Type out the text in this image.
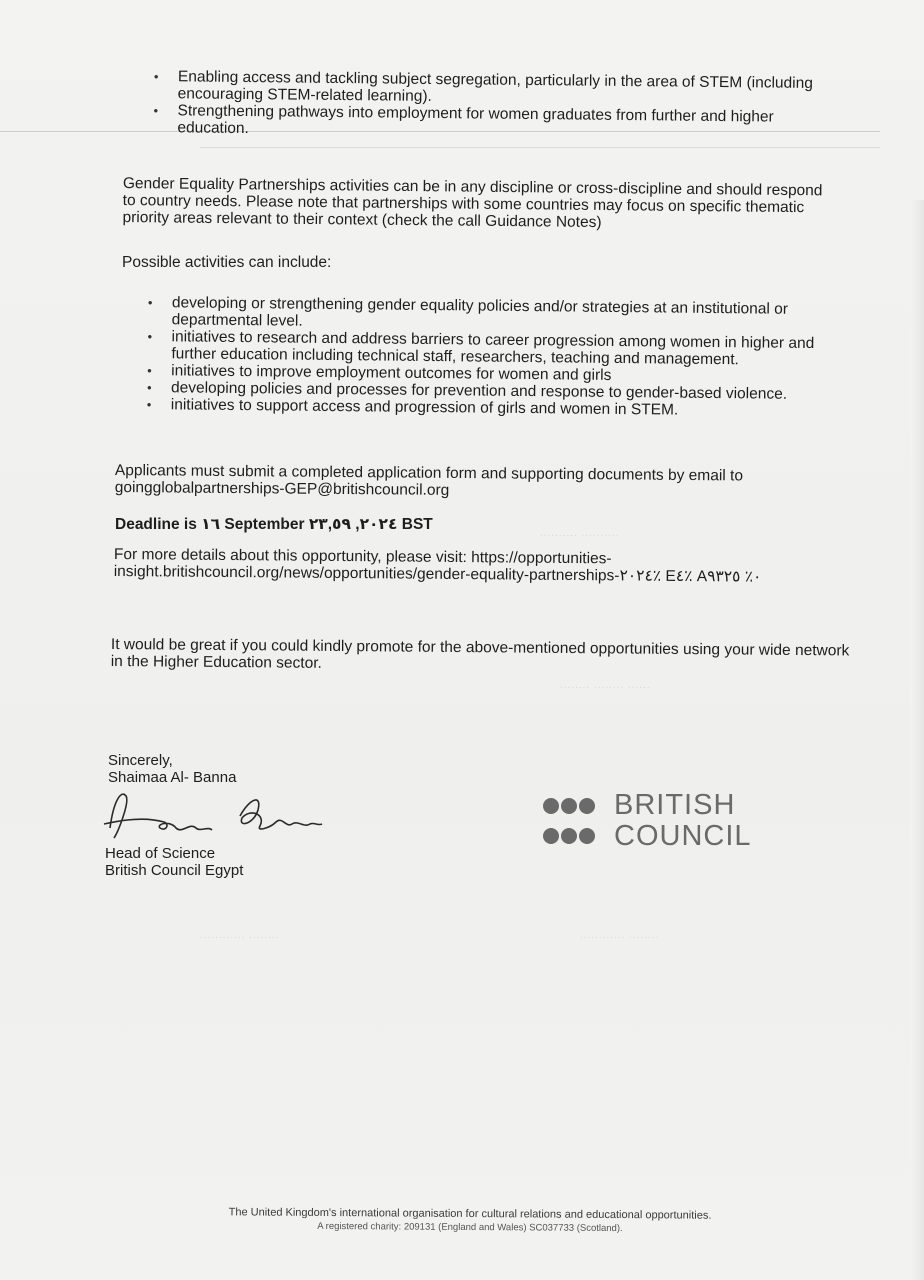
• Enabling access and tackling subject segregation, particularly in the area of STEM (including encouraging STEM-related learning).
• Strengthening pathways into employment for women graduates from further and higher education.
Gender Equality Partnerships activities can be in any discipline or cross-discipline and should respond to country needs. Please note that partnerships with some countries may focus on specific thematic priority areas relevant to their context (check the call Guidance Notes)
Possible activities can include:
• developing or strengthening gender equality policies and/or strategies at an institutional or departmental level.
• initiatives to research and address barriers to career progression among women in higher and further education including technical staff, researchers, teaching and management.
• initiatives to improve employment outcomes for women and girls
• developing policies and processes for prevention and response to gender-based violence.
• initiatives to support access and progression of girls and women in STEM.
Applicants must submit a completed application form and supporting documents by email to goingglobalpartnerships-GEP@britishcouncil.org
Deadline is ١٦ September ٢٠٢٤, ٢٣,٥٩ BST
For more details about this opportunity, please visit: https://opportunities-insight.britishcouncil.org/news/opportunities/gender-equality-partnerships-٢٠٢٤٪ E٤٪ A٠٪ ٩٣٢٥
It would be great if you could kindly promote for the above-mentioned opportunities using your wide network in the Higher Education sector.
.......... ..........
........ ........ ......
............ ........	............ ........
Sincerely,
Shaimaa Al- Banna
Head of Science
British Council Egypt
BRITISH
COUNCIL
The United Kingdom's international organisation for cultural relations and educational opportunities.
A registered charity: 209131 (England and Wales) SC037733 (Scotland).
